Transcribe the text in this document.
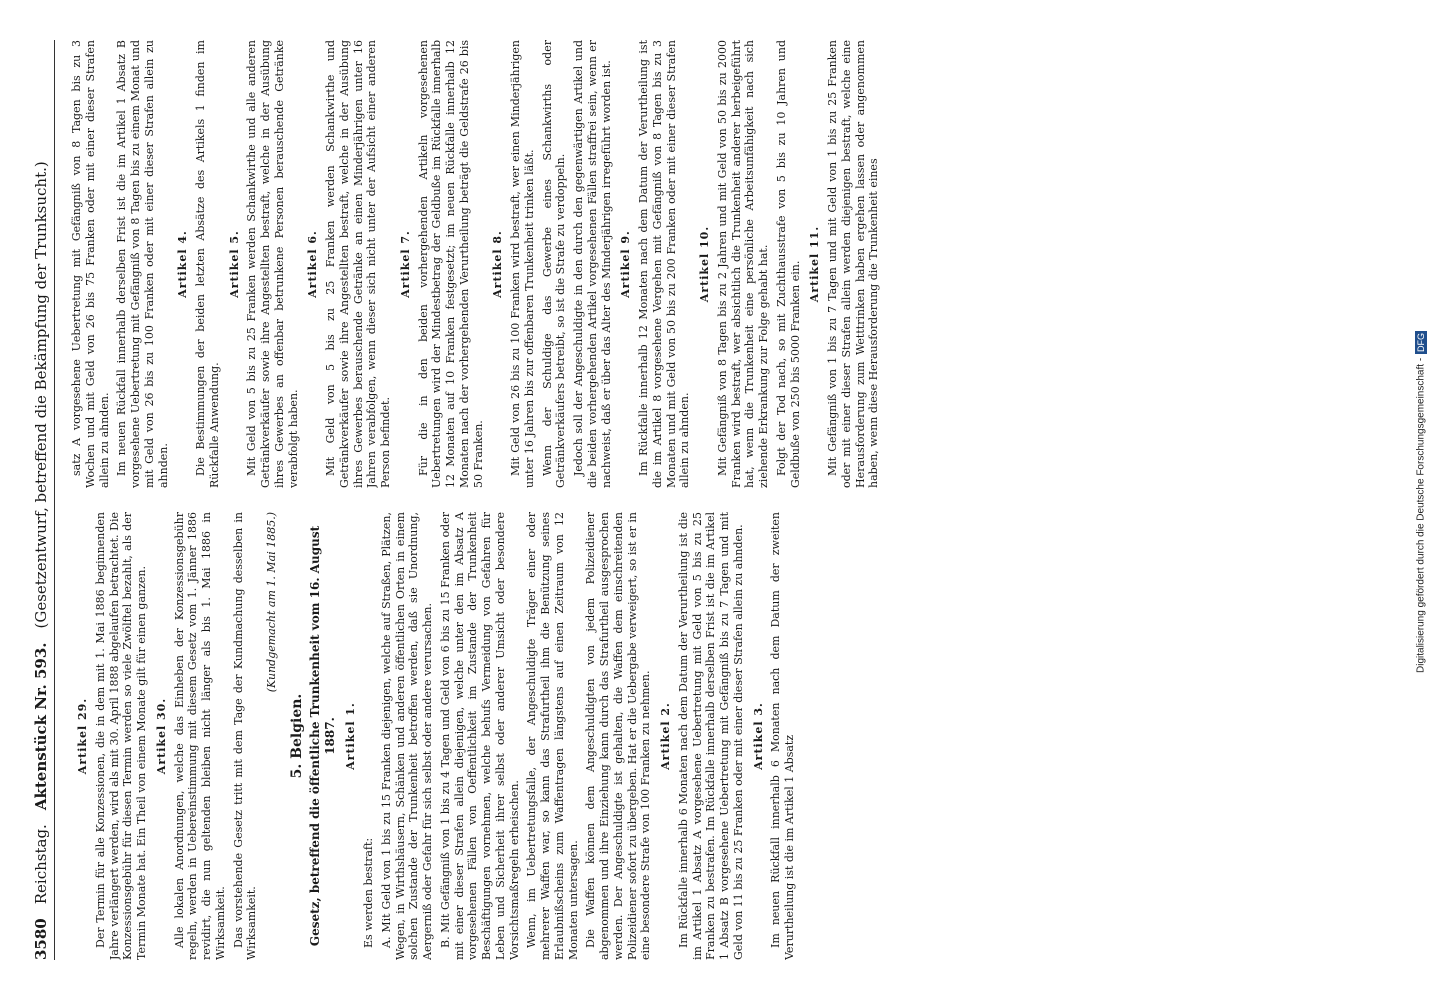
3580
Reichstag.
Aktenstück Nr. 593.
(Gesetzentwurf, betreffend die Bekämpfung der Trunksucht.)
Artikel 29. Der Termin für alle Konzessionen, die in dem mit 1. Mai 1886 beginnenden Jahre verlängert werden, wird als mit 30. April 1888 abgelaufen betrachtet. Die Konzessionsgebühr für diesen Termin werden so viele Zwölftel bezahlt, als der Termin Monate hat. Ein Theil von einem Monate gilt für einen ganzen. Artikel 30. Alle lokalen Anordnungen, welche das Einheben der Konzessionsgebühr regeln, werden in Uebereinstimmung mit diesem Gesetz vom 1. Jänner 1886 revidirt, die nun geltenden bleiben nicht länger als bis 1. Mai 1886 in Wirksamkeit. Das vorstehende Gesetz tritt mit dem Tage der Kundmachung desselben in Wirksamkeit.

(Kundgemacht am 1. Mai 1885.)

5. Belgien. Gesetz, betreffend die öffentliche Trunkenheit vom 16. August 1887. Artikel 1.

Es werden bestraft: A. Mit Geld von 1 bis zu 15 Franken diejenigen, welche auf Straßen, Plätzen, Wegen, in Wirthshäusern, Schänken und anderen öffentlichen Orten in einem solchen Zustande der Trunkenheit betroffen werden, daß sie Unordnung, Aergerniß oder Gefahr für sich selbst oder andere verursachen. B. Mit Gefängniß von 1 bis zu 4 Tagen und Geld von 6 bis zu 15 Franken oder mit einer dieser Strafen allein diejenigen, welche unter den im Absatz A vorgesehenen Fällen von Oeffentlichkeit im Zustande der Trunkenheit Beschäftigungen vornehmen, welche behufs Vermeidung von Gefahren für Leben und Sicherheit ihrer selbst oder anderer Umsicht oder besondere Vorsichtsmaßregeln erheischen. Wenn, im Uebertretungsfalle, der Angeschuldigte Träger einer oder mehrerer Waffen war, so kann das Strafurtheil ihm die Benützung seines Erlaubnißscheins zum Waffentragen längstens auf einen Zeitraum von 12 Monaten untersagen. Die Waffen können dem Angeschuldigten von jedem Polizeidiener abgenommen und ihre Einziehung kann durch das Strafurtheil ausgesprochen werden. Der Angeschuldigte ist gehalten, die Waffen dem einschreitenden Polizeidiener sofort zu übergeben. Hat er die Uebergabe verweigert, so ist er in eine besondere Strafe von 100 Franken zu nehmen. Artikel 2. Im Rückfalle innerhalb 6 Monaten nach dem Datum der Verurtheilung ist die im Artikel 1 Absatz A vorgesehene Uebertretung mit Geld von 5 bis zu 25 Franken zu bestrafen. Im Rückfalle innerhalb derselben Frist ist die im Artikel 1 Absatz B vorgesehene Uebertretung mit Gefängniß bis zu 7 Tagen und mit Geld von 11 bis zu 25 Franken oder mit einer dieser Strafen allein zu ahnden. Artikel 3. Im neuen Rückfall innerhalb 6 Monaten nach dem Datum der zweiten Verurtheilung ist die im Artikel 1 Absatz

satz A vorgesehene Uebertretung mit Gefängniß von 8 Tagen bis zu 3 Wochen und mit Geld von 26 bis 75 Franken oder mit einer dieser Strafen allein zu ahnden. Im neuen Rückfall innerhalb derselben Frist ist die im Artikel 1 Absatz B vorgesehene Uebertretung mit Gefängniß von 8 Tagen bis zu einem Monat und mit Geld von 26 bis zu 100 Franken oder mit einer dieser Strafen allein zu ahnden.

Artikel 4. Die Bestimmungen der beiden letzten Absätze des Artikels 1 finden im Rückfalle Anwendung.

Artikel 5. Mit Geld von 5 bis zu 25 Franken werden Schankwirthe und alle anderen Getränkverkäufer sowie ihre Angestellten bestraft, welche in der Ausübung ihres Gewerbes an offenbar betrunkene Personen berauschende Getränke verabfolgt haben.

Artikel 6. Mit Geld von 5 bis zu 25 Franken werden Schankwirthe und Getränkverkäufer sowie ihre Angestellten bestraft, welche in der Ausübung ihres Gewerbes berauschende Getränke an einen Minderjährigen unter 16 Jahren verabfolgen, wenn dieser sich nicht unter der Aufsicht einer anderen Person befindet.

Artikel 7. Für die in den beiden vorhergehenden Artikeln vorgesehenen Uebertretungen wird der Mindestbetrag der Geldbuße im Rückfalle innerhalb 12 Monaten auf 10 Franken festgesetzt; im neuen Rückfalle innerhalb 12 Monaten nach der vorhergehenden Verurtheilung beträgt die Geldstrafe 26 bis 50 Franken.

Artikel 8. Mit Geld von 26 bis zu 100 Franken wird bestraft, wer einen Minderjährigen unter 16 Jahren bis zur offenbaren Trunkenheit trinken läßt. Wenn der Schuldige das Gewerbe eines Schankwirths oder Getränkverkäufers betreibt, so ist die Strafe zu verdoppeln. Jedoch soll der Angeschuldigte in den durch den gegenwärtigen Artikel und die beiden vorhergehenden Artikel vorgesehenen Fällen straffrei sein, wenn er nachweist, daß er über das Alter des Minderjährigen irregeführt worden ist. Artikel 9. Im Rückfalle innerhalb 12 Monaten nach dem Datum der Verurtheilung ist die im Artikel 8 vorgesehene Vergehen mit Gefängniß von 8 Tagen bis zu 3 Monaten und mit Geld von 50 bis zu 200 Franken oder mit einer dieser Strafen allein zu ahnden.

Artikel 10. Mit Gefängniß von 8 Tagen bis zu 2 Jahren und mit Geld von 50 bis zu 2000 Franken wird bestraft, wer absichtlich die Trunkenheit anderer herbeigeführt hat, wenn die Trunkenheit eine persönliche Arbeitsunfähigkeit nach sich ziehende Erkrankung zur Folge gehabt hat. Folgt der Tod nach, so mit Zuchthausstrafe von 5 bis zu 10 Jahren und Geldbuße von 250 bis 5000 Franken ein. Artikel 11. Mit Gefängniß von 1 bis zu 7 Tagen und mit Geld von 1 bis zu 25 Franken oder mit einer dieser Strafen allein werden diejenigen bestraft, welche eine Herausforderung zum Wetttrinken haben ergehen lassen oder angenommen haben, wenn diese Herausforderung die Trunkenheit eines

Digitalisierung gefördert durch die Deutsche Forschungsgemeinschaft -
DFG
